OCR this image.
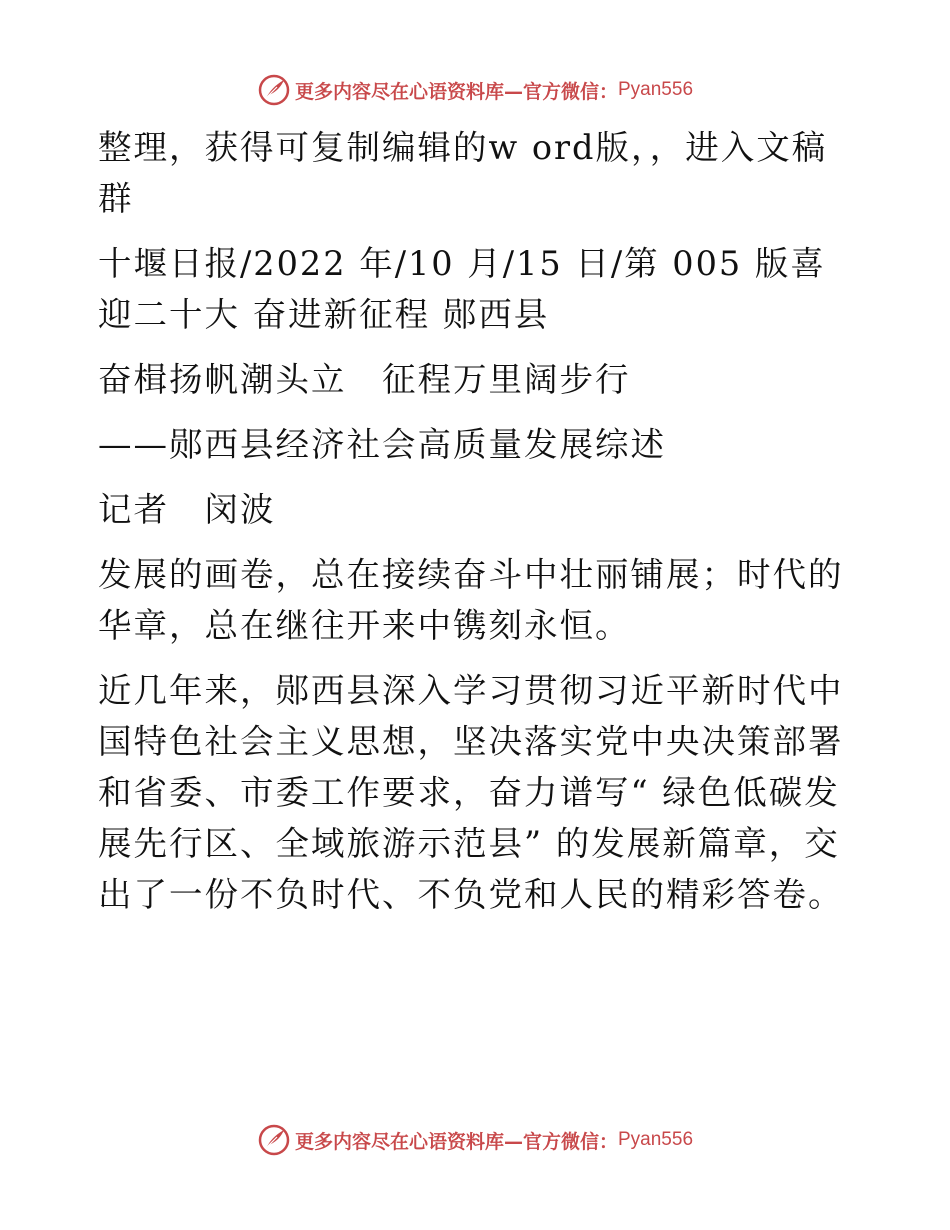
更多内容尽在心语资料库—官方微信： Pyan556

整理，获得可复制编辑的w ord版，，进入文稿群

十堰日报/2022 年/10 月/15 日/第 005 版喜迎二十大 奋进新征程 郧西县

奋楫扬帆潮头立　征程万里阔步行

——郧西县经济社会高质量发展综述

记者　闵波

发展的画卷，总在接续奋斗中壮丽铺展；时代的华章，总在继往开来中镌刻永恒。

近几年来，郧西县深入学习贯彻习近平新时代中国特色社会主义思想，坚决落实党中央决策部署和省委、市委工作要求，奋力谱写“ 绿色低碳发展先行区、全域旅游示范县” 的发展新篇章，交出了一份不负时代、不负党和人民的精彩答卷。

更多内容尽在心语资料库—官方微信： Pyan556
